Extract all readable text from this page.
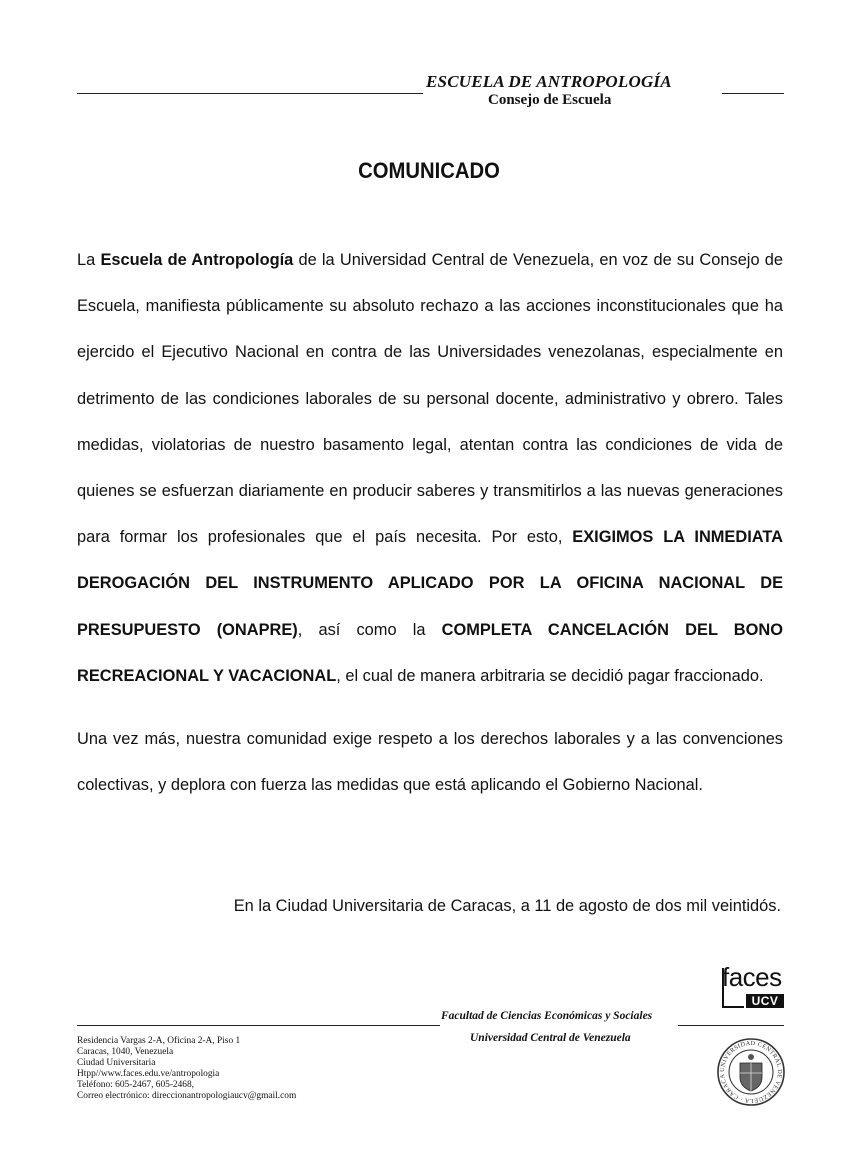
ESCUELA DE ANTROPOLOGÍA
Consejo de Escuela
COMUNICADO

La Escuela de Antropología de la Universidad Central de Venezuela, en voz de su Consejo de Escuela, manifiesta públicamente su absoluto rechazo a las acciones inconstitucionales que ha ejercido el Ejecutivo Nacional en contra de las Universidades venezolanas, especialmente en detrimento de las condiciones laborales de su personal docente, administrativo y obrero. Tales medidas, violatorias de nuestro basamento legal, atentan contra las condiciones de vida de quienes se esfuerzan diariamente en producir saberes y transmitirlos a las nuevas generaciones para formar los profesionales que el país necesita. Por esto, EXIGIMOS LA INMEDIATA DEROGACIÓN DEL INSTRUMENTO APLICADO POR LA OFICINA NACIONAL DE PRESUPUESTO (ONAPRE), así como la COMPLETA CANCELACIÓN DEL BONO RECREACIONAL Y VACACIONAL, el cual de manera arbitraria se decidió pagar fraccionado.

Una vez más, nuestra comunidad exige respeto a los derechos laborales y a las convenciones colectivas, y deplora con fuerza las medidas que está aplicando el Gobierno Nacional.

En la Ciudad Universitaria de Caracas, a 11 de agosto de dos mil veintidós.
faces
UCV
Facultad de Ciencias Económicas y Sociales
Universidad Central de Venezuela
Residencia Vargas 2-A, Oficina 2-A, Piso 1
Caracas, 1040, Venezuela
Ciudad Universitaria
Htpp//www.faces.edu.ve/antropologia
Teléfono: 605-2467, 605-2468,
Correo electrónico: direccionantropologiaucv@gmail.com
UNIVERSIDAD CENTRAL DE VENEZUELA · CARACA
